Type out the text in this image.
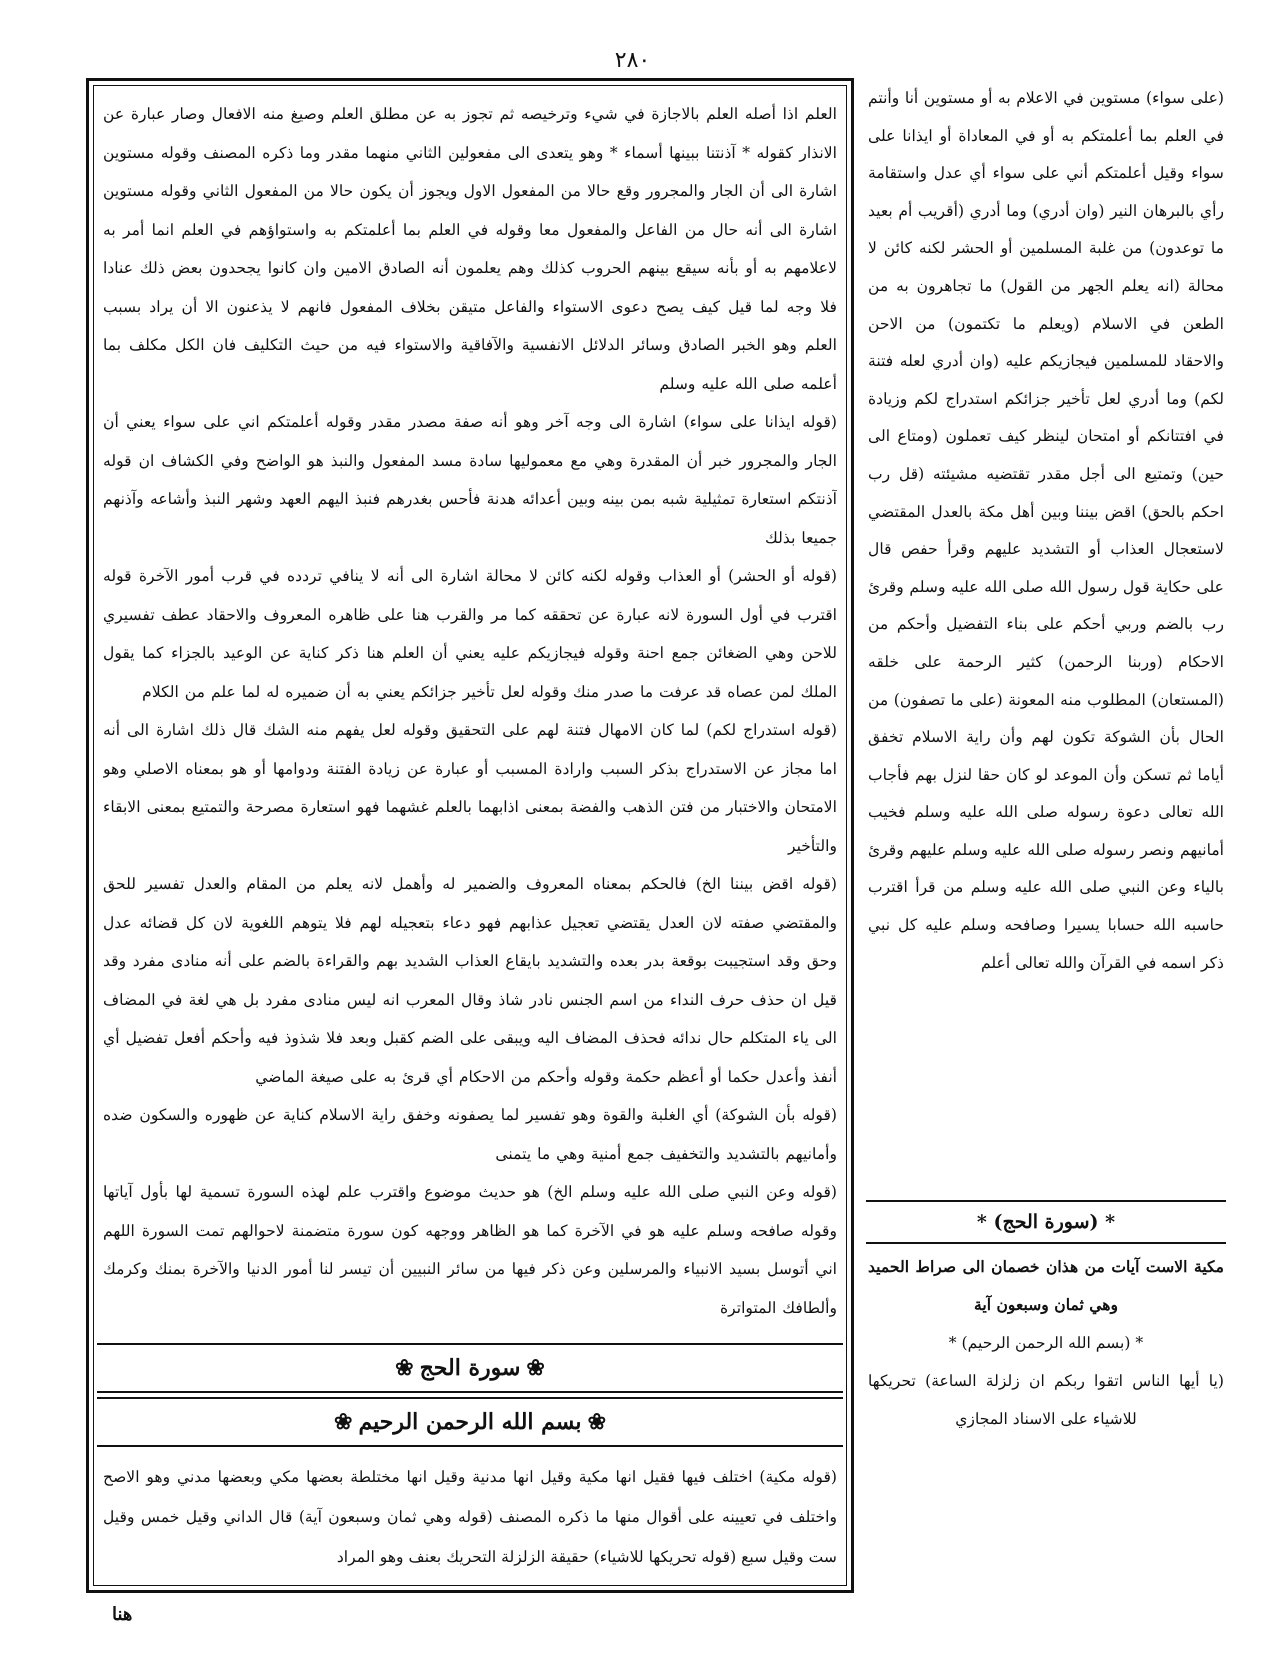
٢٨٠

العلم اذا أصله العلم بالاجازة في شيء وترخيصه ثم تجوز به عن مطلق العلم وصيغ منه الافعال وصار عبارة عن الانذار كقوله * آذنتنا ببينها أسماء * وهو يتعدى الى مفعولين الثاني منهما مقدر وما ذكره المصنف وقوله مستوين اشارة الى أن الجار والمجرور وقع حالا من المفعول الاول ويجوز أن يكون حالا من المفعول الثاني وقوله مستوين اشارة الى أنه حال من الفاعل والمفعول معا وقوله في العلم بما أعلمتكم به واستواؤهم في العلم انما أمر به لاعلامهم به أو بأنه سيقع بينهم الحروب كذلك وهم يعلمون أنه الصادق الامين وان كانوا يجحدون بعض ذلك عنادا فلا وجه لما قيل كيف يصح دعوى الاستواء والفاعل متيقن بخلاف المفعول فانهم لا يذعنون الا أن يراد بسبب العلم وهو الخبر الصادق وسائر الدلائل الانفسية والآفاقية والاستواء فيه من حيث التكليف فان الكل مكلف بما أعلمه صلى الله عليه وسلم

(قوله ايذانا على سواء) اشارة الى وجه آخر وهو أنه صفة مصدر مقدر وقوله أعلمتكم اني على سواء يعني أن الجار والمجرور خبر أن المقدرة وهي مع معموليها سادة مسد المفعول والنبذ هو الواضح وفي الكشاف ان قوله آذنتكم استعارة تمثيلية شبه بمن بينه وبين أعدائه هدنة فأحس بغدرهم فنبذ اليهم العهد وشهر النبذ وأشاعه وآذنهم جميعا بذلك

(قوله أو الحشر) أو العذاب وقوله لكنه كائن لا محالة اشارة الى أنه لا ينافي تردده في قرب أمور الآخرة قوله اقترب في أول السورة لانه عبارة عن تحققه كما مر والقرب هنا على ظاهره المعروف والاحقاد عطف تفسيري للاحن وهي الضغائن جمع احنة وقوله فيجازيكم عليه يعني أن العلم هنا ذكر كناية عن الوعيد بالجزاء كما يقول الملك لمن عصاه قد عرفت ما صدر منك وقوله لعل تأخير جزائكم يعني به أن ضميره له لما علم من الكلام

(قوله استدراج لكم) لما كان الامهال فتنة لهم على التحقيق وقوله لعل يفهم منه الشك قال ذلك اشارة الى أنه اما مجاز عن الاستدراج بذكر السبب وارادة المسبب أو عبارة عن زيادة الفتنة ودوامها أو هو بمعناه الاصلي وهو الامتحان والاختبار من فتن الذهب والفضة بمعنى اذابهما بالعلم غشهما فهو استعارة مصرحة والتمتيع بمعنى الابقاء والتأخير

(قوله اقض بيننا الخ) فالحكم بمعناه المعروف والضمير له وأهمل لانه يعلم من المقام والعدل تفسير للحق والمقتضي صفته لان العدل يقتضي تعجيل عذابهم فهو دعاء بتعجيله لهم فلا يتوهم اللغوية لان كل قضائه عدل وحق وقد استجيبت بوقعة بدر بعده والتشديد بايقاع العذاب الشديد بهم والقراءة بالضم على أنه منادى مفرد وقد قيل ان حذف حرف النداء من اسم الجنس نادر شاذ وقال المعرب انه ليس منادى مفرد بل هي لغة في المضاف الى ياء المتكلم حال ندائه فحذف المضاف اليه ويبقى على الضم كقبل وبعد فلا شذوذ فيه وأحكم أفعل تفضيل أي أنفذ وأعدل حكما أو أعظم حكمة وقوله وأحكم من الاحكام أي قرئ به على صيغة الماضي

(قوله بأن الشوكة) أي الغلبة والقوة وهو تفسير لما يصفونه وخفق راية الاسلام كناية عن ظهوره والسكون ضده وأمانيهم بالتشديد والتخفيف جمع أمنية وهي ما يتمنى

(قوله وعن النبي صلى الله عليه وسلم الخ) هو حديث موضوع واقترب علم لهذه السورة تسمية لها بأول آياتها وقوله صافحه وسلم عليه هو في الآخرة كما هو الظاهر ووجهه كون سورة متضمنة لاحوالهم تمت السورة اللهم اني أتوسل بسيد الانبياء والمرسلين وعن ذكر فيها من سائر النبيين أن تيسر لنا أمور الدنيا والآخرة بمنك وكرمك وألطافك المتواترة

❀
سورة الحج
❀
❀
بسم الله الرحمن الرحيم
❀

(قوله مكية) اختلف فيها فقيل انها مكية وقيل انها مدنية وقيل انها مختلطة بعضها مكي وبعضها مدني وهو الاصح واختلف في تعيينه على أقوال منها ما ذكره المصنف (قوله وهي ثمان وسبعون آية) قال الداني وقيل خمس وقيل ست وقيل سبع (قوله تحريكها للاشياء) حقيقة الزلزلة التحريك بعنف وهو المراد

هنا

(على سواء) مستوين في الاعلام به أو مستوين أنا وأنتم في العلم بما أعلمتكم به أو في المعاداة أو ايذانا على سواء وقيل أعلمتكم أني على سواء أي عدل واستقامة رأي بالبرهان النير (وان أدري) وما أدري (أقريب أم بعيد ما توعدون) من غلبة المسلمين أو الحشر لكنه كائن لا محالة (انه يعلم الجهر من القول) ما تجاهرون به من الطعن في الاسلام (ويعلم ما تكتمون) من الاحن والاحقاد للمسلمين فيجازيكم عليه (وان أدري لعله فتنة لكم) وما أدري لعل تأخير جزائكم استدراج لكم وزيادة في افتتانكم أو امتحان لينظر كيف تعملون (ومتاع الى حين) وتمتيع الى أجل مقدر تقتضيه مشيئته (قل رب احكم بالحق) اقض بيننا وبين أهل مكة بالعدل المقتضي لاستعجال العذاب أو التشديد عليهم وقرأ حفص قال على حكاية قول رسول الله صلى الله عليه وسلم وقرئ رب بالضم وربي أحكم على بناء التفضيل وأحكم من الاحكام (وربنا الرحمن) كثير الرحمة على خلقه (المستعان) المطلوب منه المعونة (على ما تصفون) من الحال بأن الشوكة تكون لهم وأن راية الاسلام تخفق أياما ثم تسكن وأن الموعد لو كان حقا لنزل بهم فأجاب الله تعالى دعوة رسوله صلى الله عليه وسلم فخيب أمانيهم ونصر رسوله صلى الله عليه وسلم عليهم وقرئ بالياء وعن النبي صلى الله عليه وسلم من قرأ اقترب حاسبه الله حسابا يسيرا وصافحه وسلم عليه كل نبي ذكر اسمه في القرآن والله تعالى أعلم

* (سورة الحج) *

مكية الاست آيات من هذان خصمان الى صراط الحميد وهي ثمان وسبعون آية

* (بسم الله الرحمن الرحيم) *

(يا أيها الناس اتقوا ربكم ان زلزلة الساعة) تحريكها للاشياء على الاسناد المجازي
